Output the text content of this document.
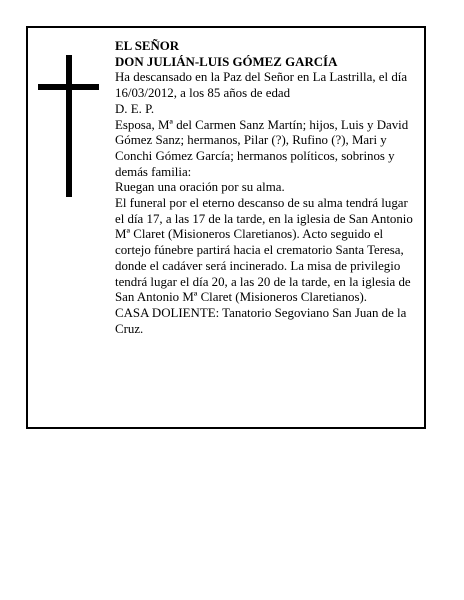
EL SEÑOR

DON JULIÁN-LUIS GÓMEZ GARCÍA

Ha descansado en la Paz del Señor en La Lastrilla, el día 16/03/2012, a los 85 años de edad

D. E. P.

Esposa, Mª del Carmen Sanz Martín; hijos, Luis y David Gómez Sanz; hermanos, Pilar (?), Rufino (?), Mari y Conchi Gómez García; hermanos políticos, sobrinos y demás familia:

Ruegan una oración por su alma.

El funeral por el eterno descanso de su alma tendrá lugar el día 17, a las 17 de la tarde, en la iglesia de San Antonio Mª Claret (Misioneros Claretianos). Acto seguido el cortejo fúnebre partirá hacia el crematorio Santa Teresa, donde el cadáver será incinerado. La misa de privilegio tendrá lugar el día 20, a las 20 de la tarde, en la iglesia de San Antonio Mª Claret (Misioneros Claretianos).

CASA DOLIENTE: Tanatorio Segoviano San Juan de la Cruz.
